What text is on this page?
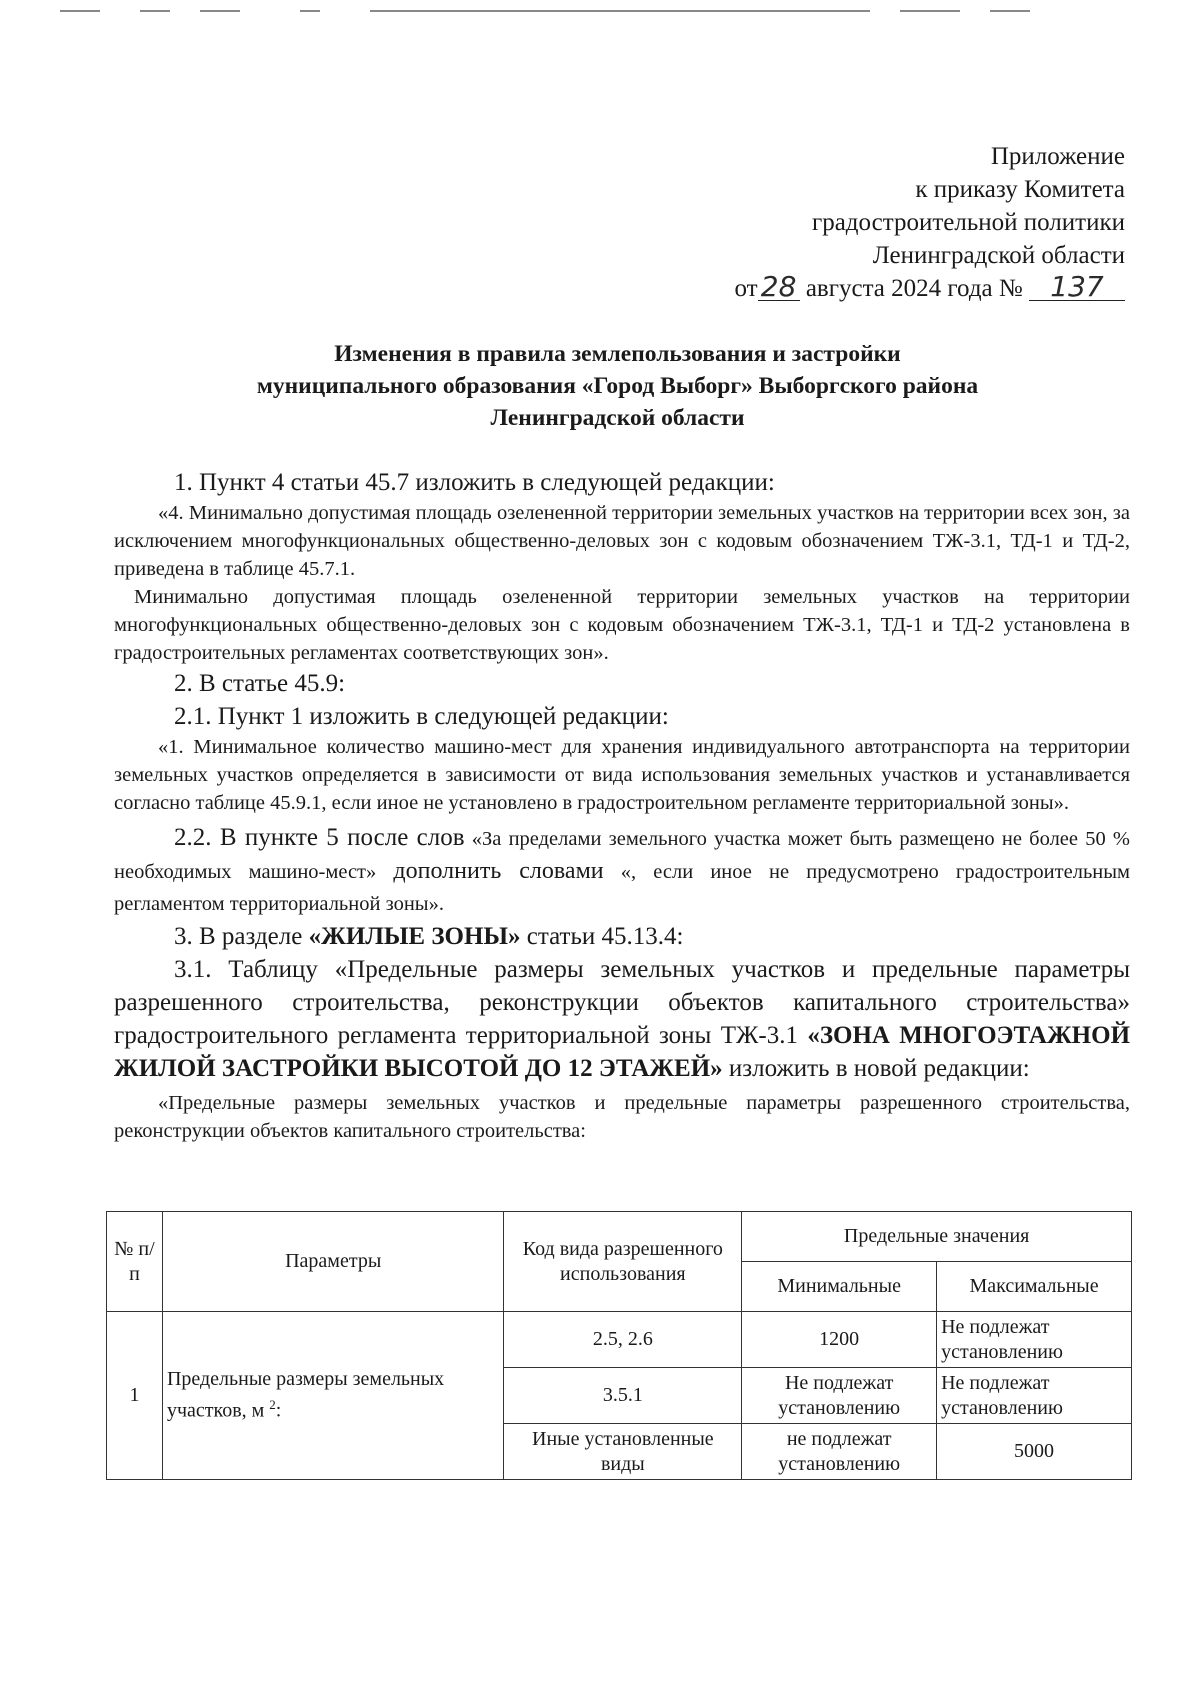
Приложение
к приказу Комитета
градостроительной политики
Ленинградской области
от 28 августа 2024 года № 137
Изменения в правила землепользования и застройки
муниципального образования «Город Выборг» Выборгского района
Ленинградской области

1. Пункт 4 статьи 45.7 изложить в следующей редакции:

«4. Минимально допустимая площадь озелененной территории земельных участков на территории всех зон, за исключением многофункциональных общественно-деловых зон с кодовым обозначением ТЖ-3.1, ТД-1 и ТД-2, приведена в таблице 45.7.1.

Минимально допустимая площадь озелененной территории земельных участков на территории многофункциональных общественно-деловых зон с кодовым обозначением ТЖ-3.1, ТД-1 и ТД-2 установлена в градостроительных регламентах соответствующих зон».

2. В статье 45.9:

2.1. Пункт 1 изложить в следующей редакции:

«1. Минимальное количество машино-мест для хранения индивидуального автотранспорта на территории земельных участков определяется в зависимости от вида использования земельных участков и устанавливается согласно таблице 45.9.1, если иное не установлено в градостроительном регламенте территориальной зоны».

2.2. В пункте 5 после слов «За пределами земельного участка может быть размещено не более 50 % необходимых машино-мест» дополнить словами «, если иное не предусмотрено градостроительным регламентом территориальной зоны».

3. В разделе «ЖИЛЫЕ ЗОНЫ» статьи 45.13.4:

3.1. Таблицу «Предельные размеры земельных участков и предельные параметры разрешенного строительства, реконструкции объектов капитального строительства» градостроительного регламента территориальной зоны ТЖ-3.1 «ЗОНА МНОГОЭТАЖНОЙ ЖИЛОЙ ЗАСТРОЙКИ ВЫСОТОЙ ДО 12 ЭТАЖЕЙ» изложить в новой редакции:

«Предельные размеры земельных участков и предельные параметры разрешенного строительства, реконструкции объектов капитального строительства:

№ п/п	Параметры	Код вида разрешенного использования	Предельные значения	
			Минимальные	Максимальные
1	Предельные размеры земельных участков, м $^2$:	2.5, 2.6	1200	Не подлежат установлению
		3.5.1	Не подлежат установлению	Не подлежат установлению
		Иные установленные виды	не подлежат установлению	5000
